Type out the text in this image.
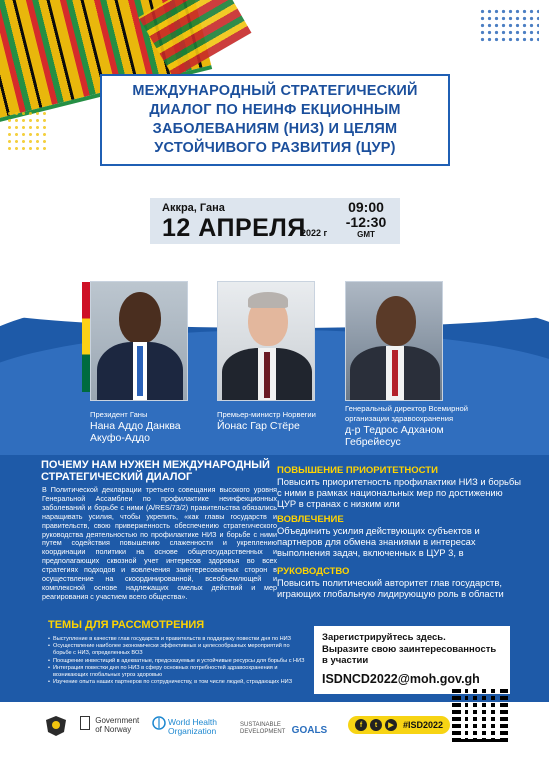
МЕЖДУНАРОДНЫЙ СТРАТЕГИЧЕСКИЙ ДИАЛОГ ПО НЕИНФ ЕКЦИОННЫМ ЗАБОЛЕВАНИЯМ (НИЗ) И ЦЕЛЯМ УСТОЙЧИВОГО РАЗВИТИЯ (ЦУР)
Аккра, Гана
12 АПРЕЛЯ
2022 г
09:00
-12:30
GMT
Президент Ганы
Нана Аддо Данква Акуфо-Аддо
Премьер-министр Норвегии
Йонас Гар Стёре
Генеральный директор Всемирной организации здравоохранения
д-р Тедрос Адханом Гебрейесус
ПОЧЕМУ НАМ НУЖЕН МЕЖДУНАРОДНЫЙ СТРАТЕГИЧЕСКИЙ ДИАЛОГ
В Политической декларации третьего совещания высокого уровня Генеральной Ассамблеи по профилактике неинфекционных заболеваний и борьбе с ними (A/RES/73/2) правительства обязались наращивать усилия, чтобы укрепить, «как главы государств и правительств, свою приверженность обеспечению стратегического руководства деятельностью по профилактике НИЗ и борьбе с ними путем содействия повышению слаженности и укреплению координации политики на основе общегосударственных и предполагающих сквозной учет интересов здоровья во всех стратегиях подходов и вовлечения заинтересованных сторон в осуществление на скоординированной, всеобъемлющей и комплексной основе надлежащих смелых действий и мер реагирования с участием всего общества».
ПОВЫШЕНИЕ ПРИОРИТЕТНОСТИ
Повысить приоритетность профилактики НИЗ и борьбы с ними в рамках национальных мер по достижению ЦУР в странах с низким или
ВОВЛЕЧЕНИЕ
Объединить усилия действующих субъектов и партнеров для обмена знаниями в интересах выполнения задач, включенных в ЦУР 3, в
РУКОВОДСТВО
Повысить политический авторитет глав государств, играющих глобальную лидирующую роль в области
• Выступление в качестве глав государств и правительств в поддержку повестки дня по НИЗ
• Осуществление наиболее экономически эффективных и целесообразных мероприятий по борьбе с НИЗ, определенных ВОЗ
• Поощрение инвестиций в адекватные, предсказуемые и устойчивые ресурсы для борьбы с НИЗ
• Интеграция повестки дня по НИЗ в сферу основных потребностей здравоохранения и возникающих глобальных угроз здоровью
• Изучение опыта наших партнеров по сотрудничеству, в том числе людей, страдающих НИЗ
ТЕМЫ ДЛЯ РАССМОТРЕНИЯ
Зарегистрируйтесь здесь.
Выразите свою заинтересованность в участии
ISDNCD2022@moh.gov.gh
Government of Norway
World Health Organization
SUSTAINABLE DEVELOPMENT GOALS	f	t	▶	#ISD2022
